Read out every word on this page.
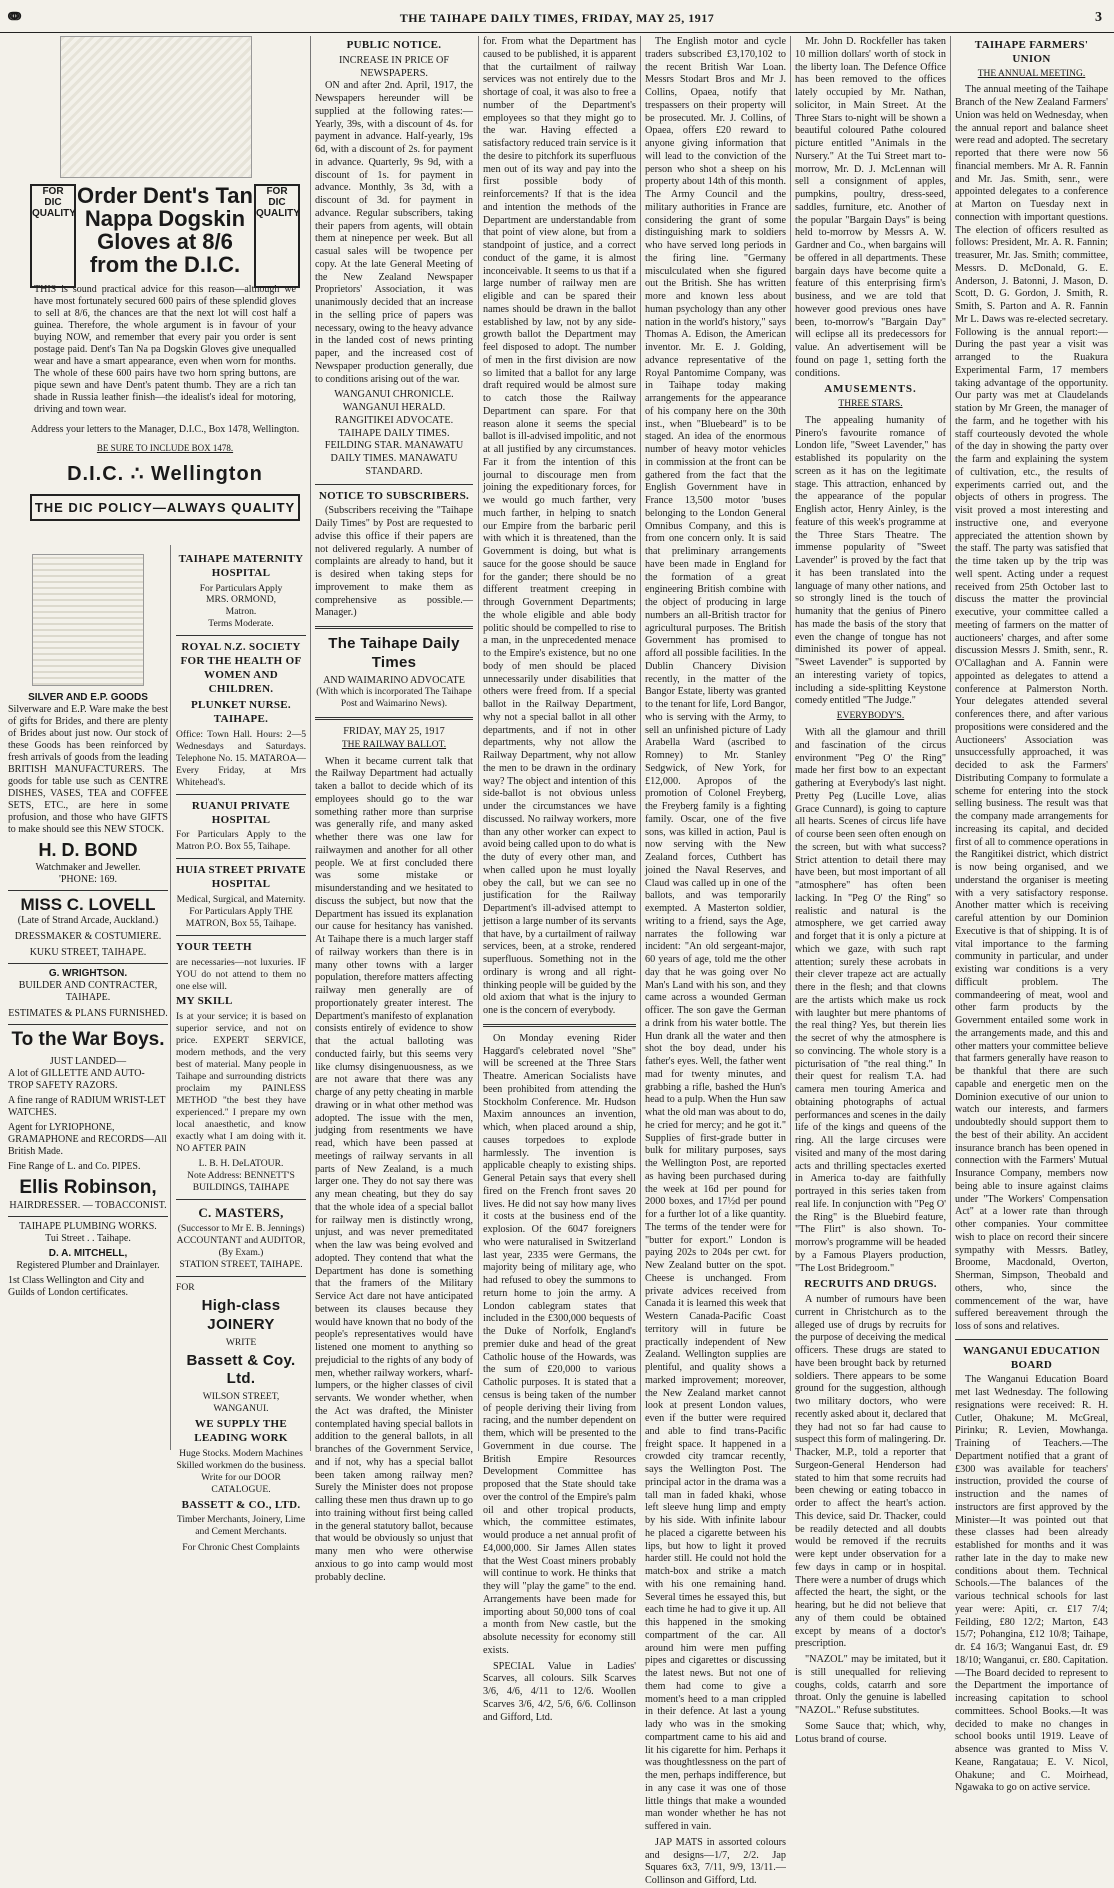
ↈ	THE TAIHAPE DAILY TIMES, FRIDAY, MAY 25, 1917	3
FOR
DIC
QUALITY
FOR
DIC
QUALITY
Order Dent's Tan Nappa Dogskin Gloves at 8/6 from the D.I.C.
THIS is sound practical advice for this reason—although we have most fortunately secured 600 pairs of these splendid gloves to sell at 8/6, the chances are that the next lot will cost half a guinea. Therefore, the whole argument is in favour of your buying NOW, and remember that every pair you order is sent postage paid. Dent's Tan Na pa Dogskin Gloves give unequalled wear and have a smart appearance, even when worn for months. The whole of these 600 pairs have two horn spring buttons, are pique sewn and have Dent's patent thumb. They are a rich tan shade in Russia leather finish—the idealist's ideal for motoring, driving and town wear.
Address your letters to the Manager, D.I.C., Box 1478, Wellington.
BE SURE TO INCLUDE BOX 1478.
D.I.C. ∴ Wellington
THE DIC POLICY—ALWAYS QUALITY
SILVER AND E.P. GOODS
Silverware and E.P. Ware make the best of gifts for Brides, and there are plenty of Brides about just now. Our stock of these Goods has been reinforced by fresh arrivals of goods from the leading BRITISH MANUFACTURERS. The goods for table use such as CENTRE DISHES, VASES, TEA and COFFEE SETS, ETC., are here in some profusion, and those who have GIFTS to make should see this NEW STOCK.
H. D. BOND
Watchmaker and Jeweller.
'PHONE: 169.
MISS C. LOVELL
(Late of Strand Arcade, Auckland.)
DRESSMAKER & COSTUMIERE.
KUKU STREET, TAIHAPE.
G. WRIGHTSON.
BUILDER AND CONTRACTER, TAIHAPE.
ESTIMATES & PLANS FURNISHED.
To the War Boys.
JUST LANDED—
A lot of GILLETTE AND AUTO-TROP SAFETY RAZORS.
A fine range of RADIUM WRIST-LET WATCHES.
Agent for LYRIOPHONE, GRAMAPHONE and RECORDS—All British Made.
Fine Range of L. and Co. PIPES.
Ellis Robinson,
HAIRDRESSER. — TOBACCONIST.
TAIHAPE PLUMBING WORKS.
Tui Street . . Taihape.
D. A. MITCHELL,
Registered Plumber and Drainlayer.
1st Class Wellington and City and Guilds of London certificates.
TAIHAPE MATERNITY HOSPITAL
For Particulars Apply
MRS. ORMOND,
Matron.
Terms Moderate.
ROYAL N.Z. SOCIETY FOR THE HEALTH OF WOMEN AND CHILDREN.
PLUNKET NURSE. TAIHAPE.
Office: Town Hall. Hours: 2—5 Wednesdays and Saturdays. Telephone No. 15. MATAROA—Every Friday, at Mrs Whitehead's.
RUANUI PRIVATE HOSPITAL
For Particulars Apply to the Matron P.O. Box 55, Taihape.
HUIA STREET PRIVATE HOSPITAL
Medical, Surgical, and Maternity.
For Particulars Apply THE MATRON, Box 55, Taihape.
YOUR TEETH
are necessaries—not luxuries. IF YOU do not attend to them no one else will.
MY SKILL
Is at your service; it is based on superior service, and not on price. EXPERT SERVICE, modern methods, and the very best of material. Many people in Taihape and surrounding districts proclaim my PAINLESS METHOD "the best they have experienced." I prepare my own local anaesthetic, and know exactly what I am doing with it. NO AFTER PAIN
L. B. H. DeLATOUR.
Note Address: BENNETT'S BUILDINGS, TAIHAPE
C. MASTERS,
(Successor to Mr E. B. Jennings)
ACCOUNTANT and AUDITOR,
(By Exam.)
STATION STREET, TAIHAPE.
FOR
High-class JOINERY
WRITE
Bassett & Coy. Ltd.
WILSON STREET, WANGANUI.
WE SUPPLY THE LEADING WORK
Huge Stocks. Modern Machines Skilled workmen do the business. Write for our DOOR CATALOGUE.
BASSETT & CO., LTD.
Timber Merchants, Joinery, Lime and Cement Merchants.
For Chronic Chest Complaints
PUBLIC NOTICE.
INCREASE IN PRICE OF NEWSPAPERS.

ON and after 2nd. April, 1917, the Newspapers hereunder will be supplied at the following rates:— Yearly, 39s, with a discount of 4s. for payment in advance. Half-yearly, 19s 6d, with a discount of 2s. for payment in advance. Quarterly, 9s 9d, with a discount of 1s. for payment in advance. Monthly, 3s 3d, with a discount of 3d. for payment in advance. Regular subscribers, taking their papers from agents, will obtain them at ninepence per week. But all casual sales will be twopence per copy. At the late General Meeting of the New Zealand Newspaper Proprietors' Association, it was unanimously decided that an increase in the selling price of papers was necessary, owing to the heavy advance in the landed cost of news printing paper, and the increased cost of Newspaper production generally, due to conditions arising out of the war.

WANGANUI CHRONICLE. WANGANUI HERALD. RANGITIKEI ADVOCATE. TAIHAPE DAILY TIMES. FEILDING STAR. MANAWATU DAILY TIMES. MANAWATU STANDARD.
NOTICE TO SUBSCRIBERS.

(Subscribers receiving the "Taihape Daily Times" by Post are requested to advise this office if their papers are not delivered regularly. A number of complaints are already to hand, but it is desired when taking steps for improvement to make them as comprehensive as possible.—Manager.)

The Taihape Daily Times
AND WAIMARINO ADVOCATE
(With which is incorporated The Taihape Post and Waimarino News).
FRIDAY, MAY 25, 1917
THE RAILWAY BALLOT.

When it became current talk that the Railway Department had actually taken a ballot to decide which of its employees should go to the war something rather more than surprise was generally rife, and many asked whether there was one law for railwaymen and another for all other people. We at first concluded there was some mistake or misunderstanding and we hesitated to discuss the subject, but now that the Department has issued its explanation our cause for hesitancy has vanished. At Taihape there is a much larger staff of railway workers than there is in many other towns with a larger population, therefore matters affecting railway men generally are of proportionately greater interest. The Department's manifesto of explanation consists entirely of evidence to show that the actual balloting was conducted fairly, but this seems very like clumsy disingenuousness, as we are not aware that there was any charge of any petty cheating in marble drawing or in what other method was adopted. The issue with the men, judging from resentments we have read, which have been passed at meetings of railway servants in all parts of New Zealand, is a much larger one. They do not say there was any mean cheating, but they do say that the whole idea of a special ballot for railway men is distinctly wrong, unjust, and was never premeditated when the law was being evolved and adopted. They contend that what the Department has done is something that the framers of the Military Service Act dare not have anticipated between its clauses because they would have known that no body of the people's representatives would have listened one moment to anything so prejudicial to the rights of any body of men, whether railway workers, wharf-lumpers, or the higher classes of civil servants. We wonder whether, when the Act was drafted, the Minister contemplated having special ballots in addition to the general ballots, in all branches of the Government Service, and if not, why has a special ballot been taken among railway men? Surely the Minister does not propose calling these men thus drawn up to go into training without first being called in the general statutory ballot, because that would be obviously so unjust that many men who were otherwise anxious to go into camp would most probably decline.

for. From what the Department has caused to be published, it is apparent that the curtailment of railway services was not entirely due to the shortage of coal, it was also to free a number of the Department's employees so that they might go to the war. Having effected a satisfactory reduced train service is it the desire to pitchfork its superfluous men out of its way and pay into the first possible body of reinforcements? If that is the idea and intention the methods of the Department are understandable from that point of view alone, but from a standpoint of justice, and a correct conduct of the game, it is almost inconceivable. It seems to us that if a large number of railway men are eligible and can be spared their names should be drawn in the ballot established by law, not by any side-growth ballot the Department may feel disposed to adopt. The number of men in the first division are now so limited that a ballot for any large draft required would be almost sure to catch those the Railway Department can spare. For that reason alone it seems the special ballot is ill-advised impolitic, and not at all justified by any circumstances. Far it from the intention of this journal to discourage men from joining the expeditionary forces, for we would go much farther, very much farther, in helping to snatch our Empire from the barbaric peril with which it is threatened, than the Government is doing, but what is sauce for the goose should be sauce for the gander; there should be no different treatment creeping in through Government Departments; the whole eligible and able body politic should be compelled to rise to a man, in the unprecedented menace to the Empire's existence, but no one body of men should be placed unnecessarily under disabilities that others were freed from. If a special ballot in the Railway Department, why not a special ballot in all other departments, and if not in other departments, why not allow the Railway Department, why not allow the men to be drawn in the ordinary way? The object and intention of this side-ballot is not obvious unless under the circumstances we have discussed. No railway workers, more than any other worker can expect to avoid being called upon to do what is the duty of every other man, and when called upon he must loyally obey the call, but we can see no justification for the Railway Department's ill-advised attempt to jettison a large number of its servants that have, by a curtailment of railway services, been, at a stroke, rendered superfluous. Something not in the ordinary is wrong and all right-thinking people will be guided by the old axiom that what is the injury to one is the concern of everybody.

On Monday evening Rider Haggard's celebrated novel "She" will be screened at the Three Stars Theatre. American Socialists have been prohibited from attending the Stockholm Conference. Mr. Hudson Maxim announces an invention, which, when placed around a ship, causes torpedoes to explode harmlessly. The invention is applicable cheaply to existing ships. General Petain says that every shell fired on the French front saves 20 lives. He did not say how many lives it costs at the business end of the explosion. Of the 6047 foreigners who were naturalised in Switzerland last year, 2335 were Germans, the majority being of military age, who had refused to obey the summons to return home to join the army. A London cablegram states that included in the £300,000 bequests of the Duke of Norfolk, England's premier duke and head of the great Catholic house of the Howards, was the sum of £20,000 to various Catholic purposes. It is stated that a census is being taken of the number of people deriving their living from racing, and the number dependent on them, which will be presented to the Government in due course. The British Empire Resources Development Committee has proposed that the State should take over the control of the Empire's palm oil and other tropical products, which, the committee estimates, would produce a net annual profit of £4,000,000. Sir James Allen states that the West Coast miners probably will continue to work. He thinks that they will "play the game" to the end. Arrangements have been made for importing about 50,000 tons of coal a month from New castle, but the absolute necessity for economy still exists.

SPECIAL Value in Ladies' Scarves, all colours. Silk Scarves 3/6, 4/6, 4/11 to 12/6. Woollen Scarves 3/6, 4/2, 5/6, 6/6. Collinson and Gifford, Ltd.

The English motor and cycle traders subscribed £3,170,102 to the recent British War Loan. Messrs Stodart Bros and Mr J. Collins, Opaea, notify that trespassers on their property will be prosecuted. Mr. J. Collins, of Opaea, offers £20 reward to anyone giving information that will lead to the conviction of the person who shot a sheep on his property about 14th of this month. The Army Council and the military authorities in France are considering the grant of some distinguishing mark to soldiers who have served long periods in the firing line. "Germany misculculated when she figured out the British. She has written more and known less about human psychology than any other nation in the world's history," says Thomas A. Edison, the American inventor. Mr. E. J. Golding, advance representative of the Royal Pantomime Company, was in Taihape today making arrangements for the appearance of his company here on the 30th inst., when "Bluebeard" is to be staged. An idea of the enormous number of heavy motor vehicles in commission at the front can be gathered from the fact that the English Government have in France 13,500 motor 'buses belonging to the London General Omnibus Company, and this is from one concern only. It is said that preliminary arrangements have been made in England for the formation of a great engineering British combine with the object of producing in large numbers an all-British tractor for agricultural purposes. The British Government has promised to afford all possible facilities. In the Dublin Chancery Division recently, in the matter of the Bangor Estate, liberty was granted to the tenant for life, Lord Bangor, who is serving with the Army, to sell an unfinished picture of Lady Arabella Ward (ascribed to Romney) to Mr. Stanley Sedgwick, of New York, for £12,000. Apropos of the promotion of Colonel Freyberg, the Freyberg family is a fighting family. Oscar, one of the five sons, was killed in action, Paul is now serving with the New Zealand forces, Cuthbert has joined the Naval Reserves, and Claud was called up in one of the ballots, and was temporarily exempted. A Masterton soldier, writing to a friend, says the Age, narrates the following war incident: "An old sergeant-major, 60 years of age, told me the other day that he was going over No Man's Land with his son, and they came across a wounded German officer. The son gave the German a drink from his water bottle. The Hun drank all the water and then shot the boy dead, under his father's eyes. Well, the father went mad for twenty minutes, and grabbing a rifle, bashed the Hun's head to a pulp. When the Hun saw what the old man was about to do, he cried for mercy; and he got it." Supplies of first-grade butter in bulk for military purposes, says the Wellington Post, are reported as having been purchased during the week at 16d per pound for 2000 boxes, and 17½d per pound for a further lot of a like quantity. The terms of the tender were for "butter for export." London is paying 202s to 204s per cwt. for New Zealand butter on the spot. Cheese is unchanged. From private advices received from Canada it is learned this week that Western Canada-Pacific Coast territory will in future be practically independent of New Zealand. Wellington supplies are plentiful, and quality shows a marked improvement; moreover, the New Zealand market cannot look at present London values, even if the butter were required and able to find trans-Pacific freight space. It happened in a crowded city tramcar recently, says the Wellington Post. The principal actor in the drama was a tall man in faded khaki, whose left sleeve hung limp and empty by his side. With infinite labour he placed a cigarette between his lips, but how to light it proved harder still. He could not hold the match-box and strike a match with his one remaining hand. Several times he essayed this, but each time he had to give it up. All this happened in the smoking compartment of the car. All around him were men puffing pipes and cigarettes or discussing the latest news. But not one of them had come to give a moment's heed to a man crippled in their defence. At last a young lady who was in the smoking compartment came to his aid and lit his cigarette for him. Perhaps it was thoughtlessness on the part of the men, perhaps indifference, but in any case it was one of those little things that make a wounded man wonder whether he has not suffered in vain.

JAP MATS in assorted colours and designs—1/7, 2/2. Jap Squares 6x3, 7/11, 9/9, 13/11.—Collinson and Gifford, Ltd.

Mr. John D. Rockfeller has taken 10 million dollars' worth of stock in the liberty loan. The Defence Office has been removed to the offices lately occupied by Mr. Nathan, solicitor, in Main Street. At the Three Stars to-night will be shown a beautiful coloured Pathe coloured picture entitled "Animals in the Nursery." At the Tui Street mart to-morrow, Mr. D. J. McLennan will sell a consignment of apples, pumpkins, poultry, dress-seed, saddles, furniture, etc. Another of the popular "Bargain Days" is being held to-morrow by Messrs A. W. Gardner and Co., when bargains will be offered in all departments. These bargain days have become quite a feature of this enterprising firm's business, and we are told that however good previous ones have been, to-morrow's "Bargain Day" will eclipse all its predecessors for value. An advertisement will be found on page 1, setting forth the conditions.

AMUSEMENTS.
THREE STARS.

The appealing humanity of Pinero's favourite romance of London life, "Sweet Lavender," has established its popularity on the screen as it has on the legitimate stage. This attraction, enhanced by the appearance of the popular English actor, Henry Ainley, is the feature of this week's programme at the Three Stars Theatre. The immense popularity of "Sweet Lavender" is proved by the fact that it has been translated into the language of many other nations, and so strongly lined is the touch of humanity that the genius of Pinero has made the basis of the story that even the change of tongue has not diminished its power of appeal. "Sweet Lavender" is supported by an interesting variety of topics, including a side-splitting Keystone comedy entitled "The Judge."

EVERYBODY'S.

With all the glamour and thrill and fascination of the circus environment "Peg O' the Ring" made her first bow to an expectant gathering at Everybody's last night. Pretty Peg (Lucille Love, alias Grace Cunnard), is going to capture all hearts. Scenes of circus life have of course been seen often enough on the screen, but with what success? Strict attention to detail there may have been, but most important of all "atmosphere" has often been lacking. In "Peg O' the Ring" so realistic and natural is the atmosphere, we get carried away and forget that it is only a picture at which we gaze, with such rapt attention; surely these acrobats in their clever trapeze act are actually there in the flesh; and that clowns are the artists which make us rock with laughter but mere phantoms of the real thing? Yes, but therein lies the secret of why the atmosphere is so convincing. The whole story is a picturisation of "the real thing." In their quest for realism T.A. had camera men touring America and obtaining photographs of actual performances and scenes in the daily life of the kings and queens of the ring. All the large circuses were visited and many of the most daring acts and thrilling spectacles exerted in America to-day are faithfully portrayed in this series taken from real life. In conjunction with "Peg O' the Ring" is the Bluebird feature, "The Flirt" is also shown. To-morrow's programme will be headed by a Famous Players production, "The Lost Bridegroom."

RECRUITS AND DRUGS.

A number of rumours have been current in Christchurch as to the alleged use of drugs by recruits for the purpose of deceiving the medical officers. These drugs are stated to have been brought back by returned soldiers. There appears to be some ground for the suggestion, although two military doctors, who were recently asked about it, declared that they had not so far had cause to suspect this form of malingering. Dr. Thacker, M.P., told a reporter that Surgeon-General Henderson had stated to him that some recruits had been chewing or eating tobacco in order to affect the heart's action. This device, said Dr. Thacker, could be readily detected and all doubts would be removed if the recruits were kept under observation for a few days in camp or in hospital. There were a number of drugs which affected the heart, the sight, or the hearing, but he did not believe that any of them could be obtained except by means of a doctor's prescription.

"NAZOL" may be imitated, but it is still unequalled for relieving coughs, colds, catarrh and sore throat. Only the genuine is labelled "NAZOL." Refuse substitutes.

Some Sauce that; which, why, Lotus brand of course.

TAIHAPE FARMERS' UNION
THE ANNUAL MEETING.

The annual meeting of the Taihape Branch of the New Zealand Farmers' Union was held on Wednesday, when the annual report and balance sheet were read and adopted. The secretary reported that there were now 56 financial members. Mr A. R. Fannin and Mr. Jas. Smith, senr., were appointed delegates to a conference at Marton on Tuesday next in connection with important questions. The election of officers resulted as follows: President, Mr. A. R. Fannin; treasurer, Mr. Jas. Smith; committee, Messrs. D. McDonald, G. E. Anderson, J. Batonni, J. Mason, D. Scott, D. G. Gordon, J. Smith, R. Smith, S. Parton and A. R. Fannin Mr L. Daws was re-elected secretary. Following is the annual report:— During the past year a visit was arranged to the Ruakura Experimental Farm, 17 members taking advantage of the opportunity. Our party was met at Claudelands station by Mr Green, the manager of the farm, and he together with his staff courteously devoted the whole of the day in showing the party over the farm and explaining the system of cultivation, etc., the results of experiments carried out, and the objects of others in progress. The visit proved a most interesting and instructive one, and everyone appreciated the attention shown by the staff. The party was satisfied that the time taken up by the trip was well spent. Acting under a request received from 25th October last to discuss the matter the provincial executive, your committee called a meeting of farmers on the matter of auctioneers' charges, and after some discussion Messrs J. Smith, senr., R. O'Callaghan and A. Fannin were appointed as delegates to attend a conference at Palmerston North. Your delegates attended several conferences there, and after various propositions were considered and the Auctioneers' Association was unsuccessfully approached, it was decided to ask the Farmers' Distributing Company to formulate a scheme for entering into the stock selling business. The result was that the company made arrangements for increasing its capital, and decided first of all to commence operations in the Rangitikei district, which district is now being organised, and we understand the organiser is meeting with a very satisfactory response. Another matter which is receiving careful attention by our Dominion Executive is that of shipping. It is of vital importance to the farming community in particular, and under existing war conditions is a very difficult problem. The commandeering of meat, wool and other farm products by the Government entailed some work in the arrangements made, and this and other matters your committee believe that farmers generally have reason to be thankful that there are such capable and energetic men on the Dominion executive of our union to watch our interests, and farmers undoubtedly should support them to the best of their ability. An accident insurance branch has been opened in connection with the Farmers' Mutual Insurance Company, members now being able to insure against claims under "The Workers' Compensation Act" at a lower rate than through other companies. Your committee wish to place on record their sincere sympathy with Messrs. Batley, Broome, Macdonald, Overton, Sherman, Simpson, Theobald and others, who, since the commencement of the war, have suffered bereavement through the loss of sons and relatives.

WANGANUI EDUCATION BOARD

The Wanganui Education Board met last Wednesday. The following resignations were received: R. H. Cutler, Ohakune; M. McGreal, Pirinku; R. Levien, Mowhanga. Training of Teachers.—The Department notified that a grant of £300 was available for teachers' instruction, provided the course of instruction and the names of instructors are first approved by the Minister—It was pointed out that these classes had been already established for months and it was rather late in the day to make new conditions about them. Technical Schools.—The balances of the various technical schools for last year were: Apiti, cr. £17 7/4; Feilding, £80 12/2; Marton, £43 15/7; Pohangina, £12 10/8; Taihape, dr. £4 16/3; Wanganui East, dr. £9 18/10; Wanganui, cr. £80. Capitation.—The Board decided to represent to the Department the importance of increasing capitation to school committees. School Books.—It was decided to make no changes in school books until 1919. Leave of absence was granted to Miss V. Keane, Rangataua; E. V. Nicol, Ohakune; and C. Moirhead, Ngawaka to go on active service.
